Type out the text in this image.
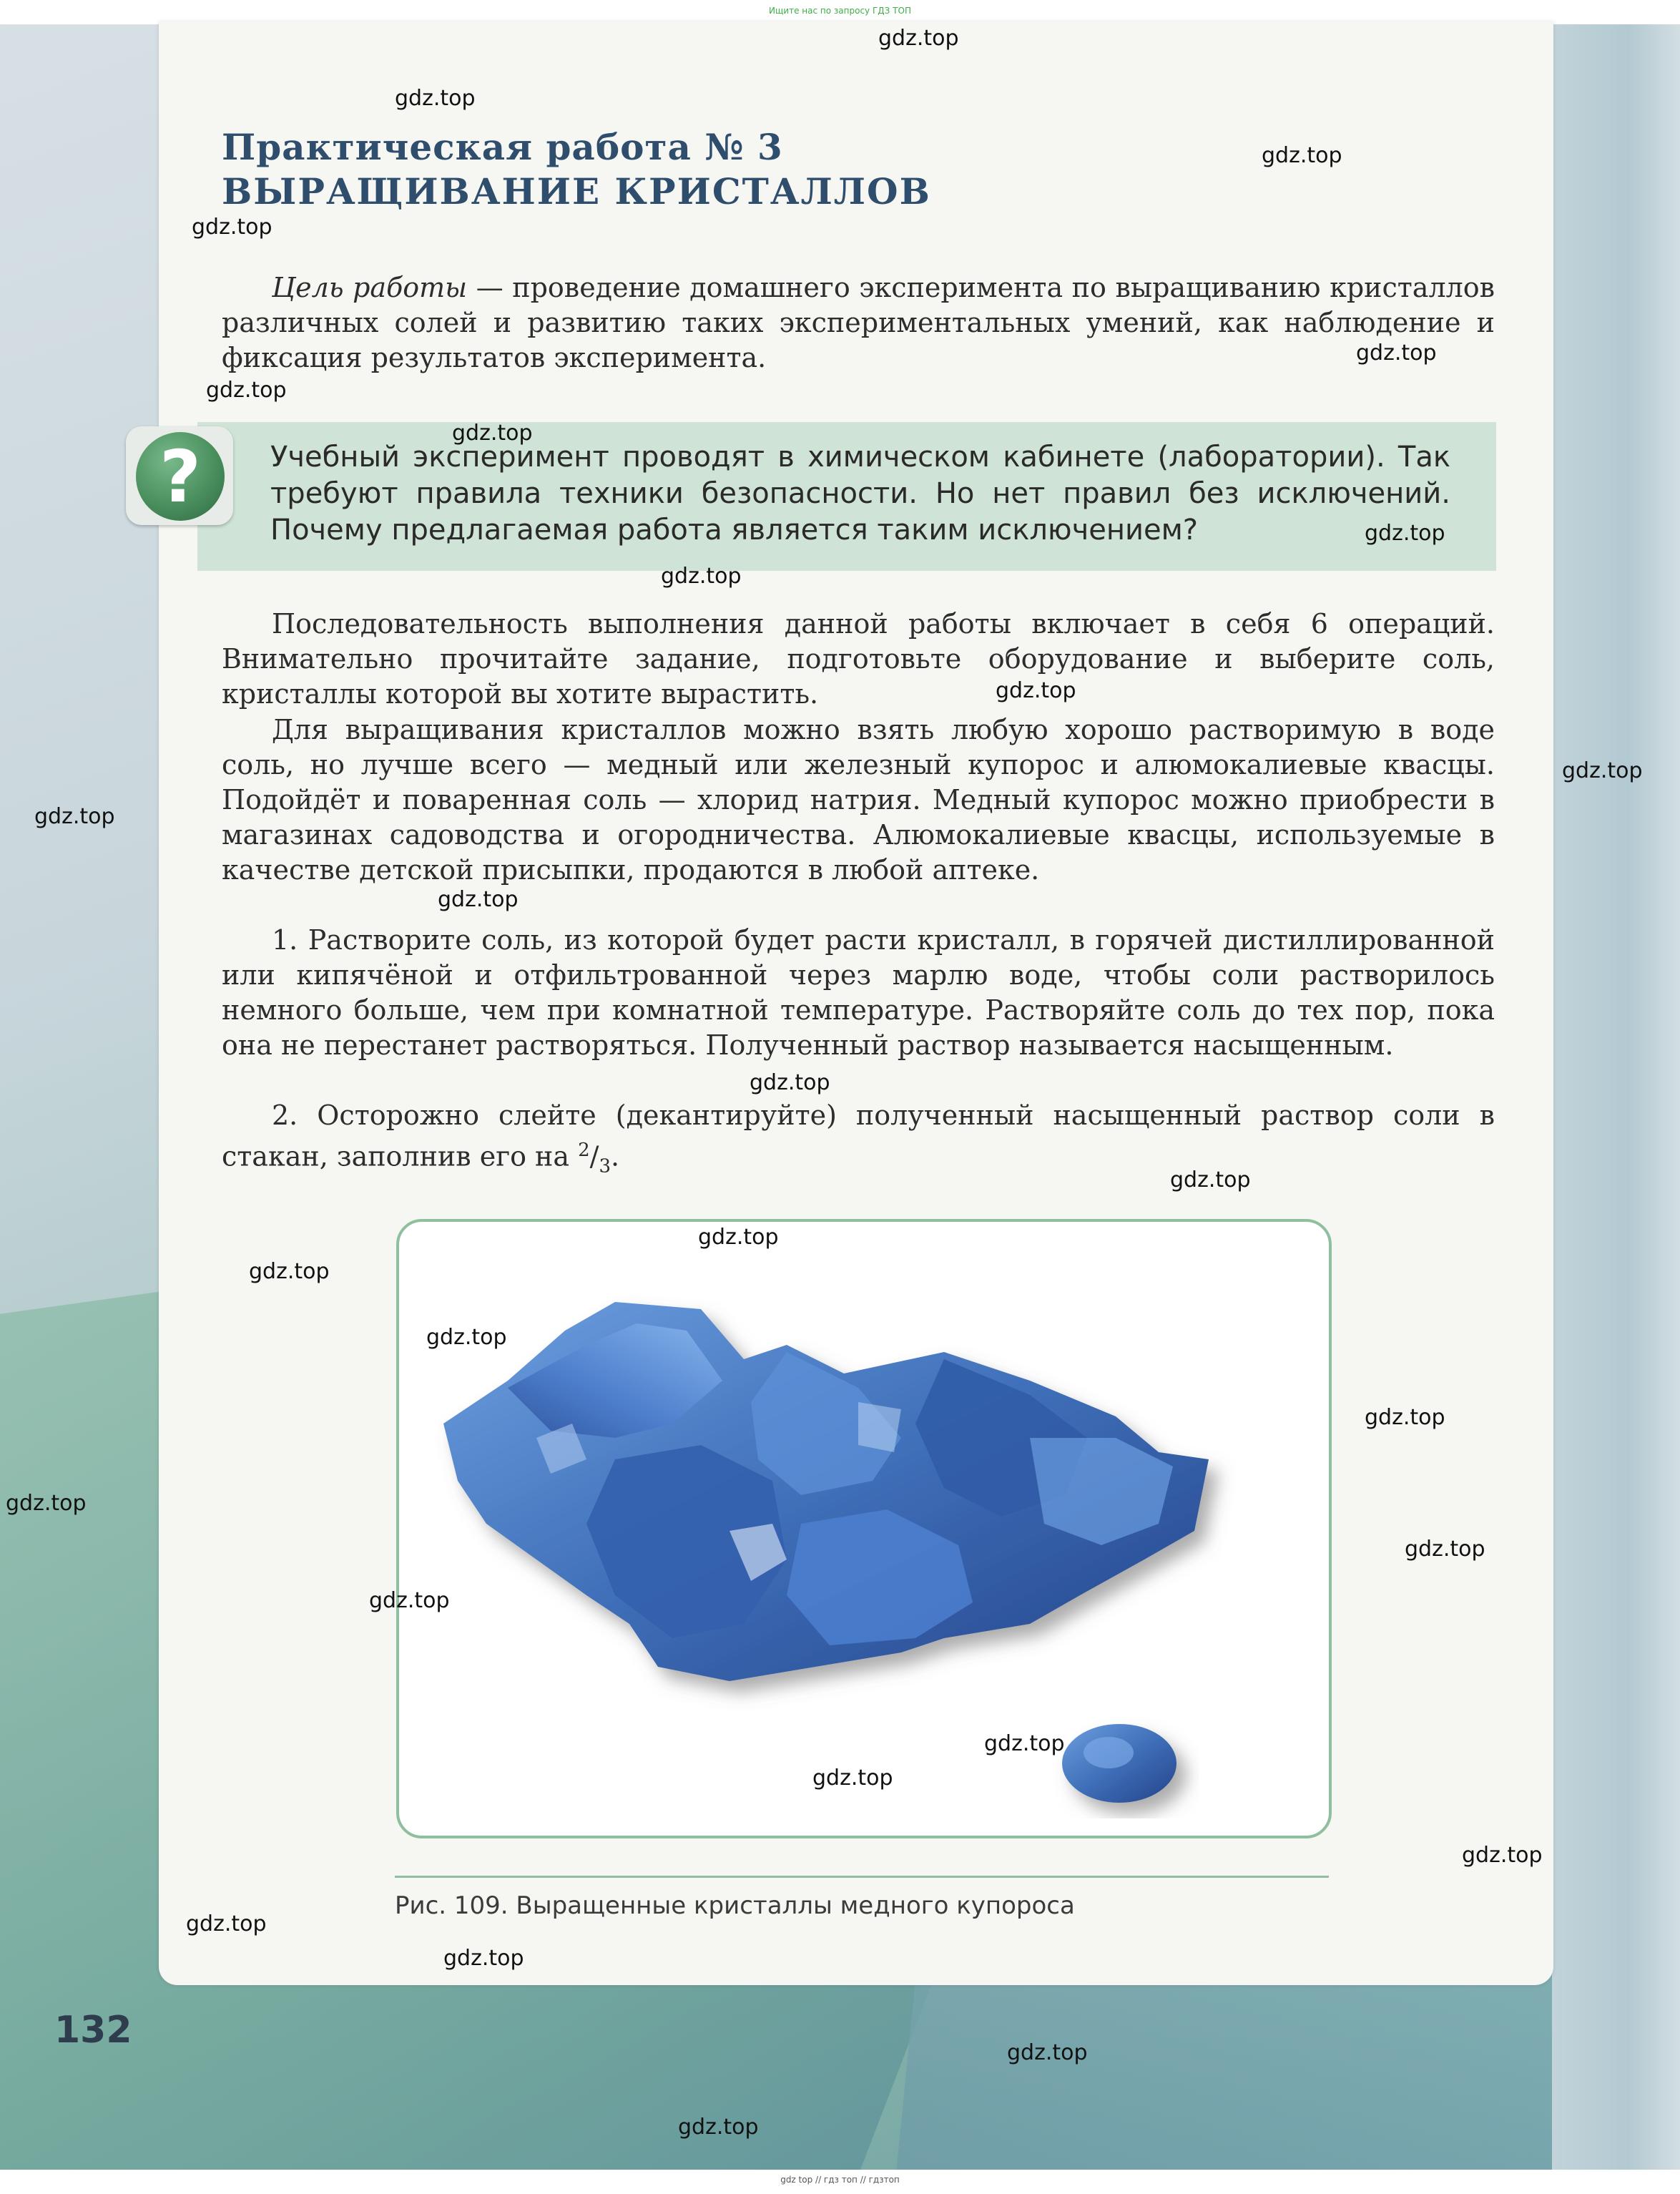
Ищите нас по запросу ГДЗ ТОП
Практическая работа № 3
ВЫРАЩИВАНИЕ КРИСТАЛЛОВ
Цель работы — проведение домашнего эксперимента по выращиванию кристаллов различных солей и развитию таких экспериментальных умений, как наблюдение и фиксация результатов эксперимента.
?	Учебный эксперимент проводят в химическом кабинете (лаборатории). Так требуют правила техники безопасности. Но нет правил без исключений. Почему предлагаемая работа является таким исключением?
Последовательность выполнения данной работы включает в себя 6 операций. Внимательно прочитайте задание, подготовьте оборудование и выберите соль, кристаллы которой вы хотите вырастить.
Для выращивания кристаллов можно взять любую хорошо растворимую в воде соль, но лучше всего — медный или железный купорос и алюмокалиевые квасцы. Подойдёт и поваренная соль — хлорид натрия. Медный купорос можно приобрести в магазинах садоводства и огородничества. Алюмокалиевые квасцы, используемые в качестве детской присыпки, продаются в любой аптеке.
1. Растворите соль, из которой будет расти кристалл, в горячей дистиллированной или кипячёной и отфильтрованной через марлю воде, чтобы соли растворилось немного больше, чем при комнатной температуре. Растворяйте соль до тех пор, пока она не перестанет растворяться. Полученный раствор называется насыщенным.
2. Осторожно слейте (декантируйте) полученный насыщенный раствор соли в стакан, заполнив его на $^2/_3$.
Рис. 109. Выращенные кристаллы медного купороса
132
gdz top // гдз топ // гдзтоп
gdz.top
gdz.top
gdz.top
gdz.top
gdz.top
gdz.top
gdz.top
gdz.top
gdz.top
gdz.top
gdz.top
gdz.top
gdz.top
gdz.top
gdz.top
gdz.top
gdz.top
gdz.top
gdz.top
gdz.top
gdz.top
gdz.top
gdz.top
gdz.top
gdz.top
gdz.top
gdz.top
gdz.top
gdz.top
